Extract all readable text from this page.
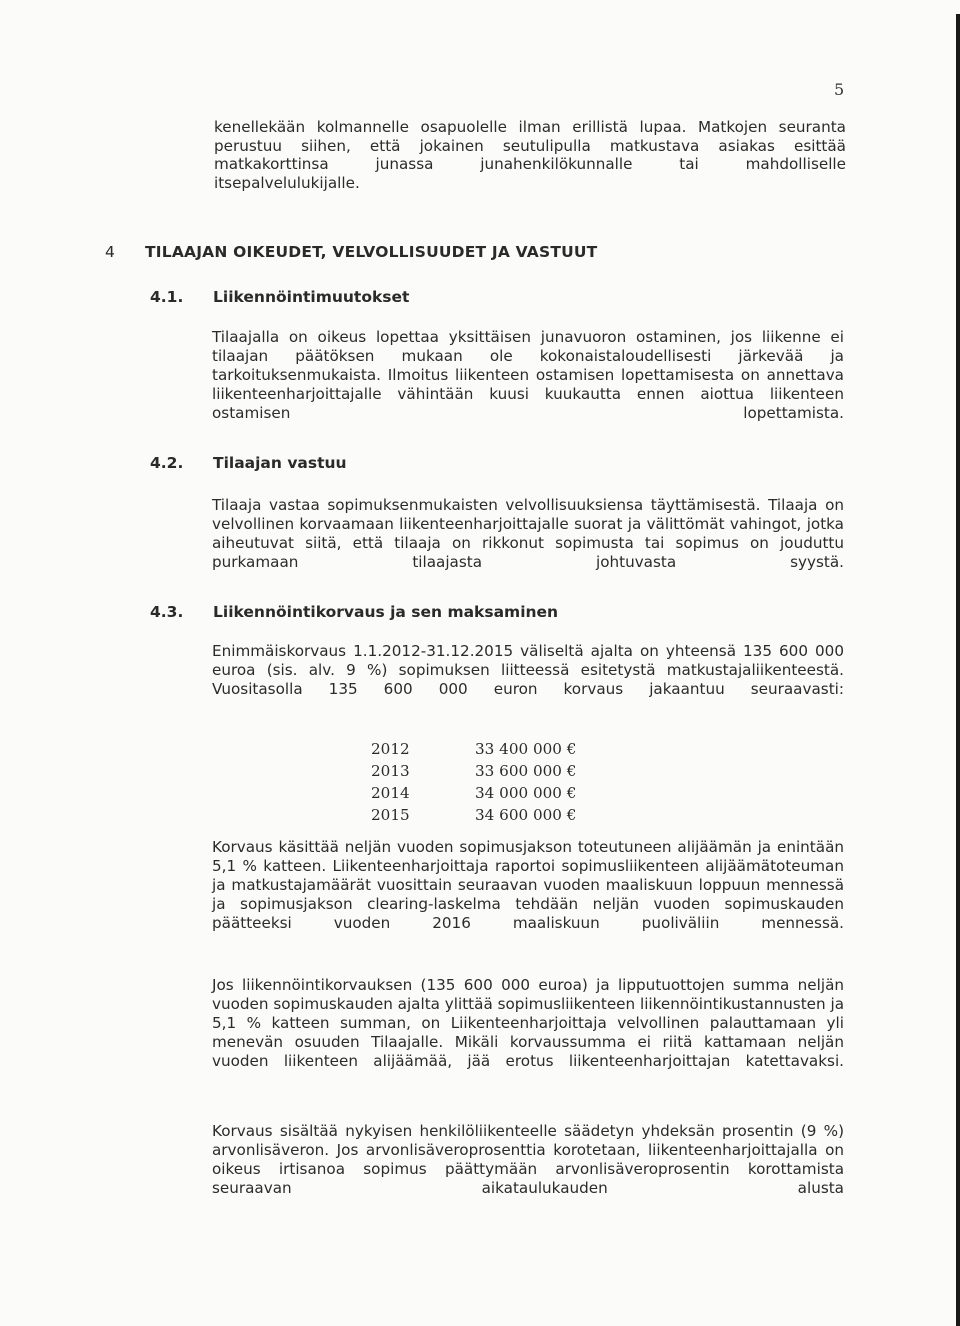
5
kenellekään kolmannelle osapuolelle ilman erillistä lupaa. Matkojen seuranta
perustuu siihen, että jokainen seutulipulla matkustava asiakas esittää
matkakorttinsa junassa junahenkilökunnalle tai mahdolliselle
itsepalvelulukijalle.
4 TILAAJAN OIKEUDET, VELVOLLISUUDET JA VASTUUT
4.1. Liikennöintimuutokset
Tilaajalla on oikeus lopettaa yksittäisen junavuoron ostaminen, jos liikenne ei tilaajan päätöksen mukaan ole kokonaistaloudellisesti järkevää ja tarkoituksenmukaista. Ilmoitus liikenteen ostamisen lopettamisesta on annettava liikenteenharjoittajalle vähintään kuusi kuukautta ennen aiottua liikenteen ostamisen lopettamista.
4.2. Tilaajan vastuu
Tilaaja vastaa sopimuksenmukaisten velvollisuuksiensa täyttämisestä. Tilaaja on velvollinen korvaamaan liikenteenharjoittajalle suorat ja välittömät vahingot, jotka aiheutuvat siitä, että tilaaja on rikkonut sopimusta tai sopimus on jouduttu purkamaan tilaajasta johtuvasta syystä.
4.3. Liikennöintikorvaus ja sen maksaminen
Enimmäiskorvaus 1.1.2012-31.12.2015 väliseltä ajalta on yhteensä 135 600 000 euroa (sis. alv. 9 %) sopimuksen liitteessä esitetystä matkustajaliikenteestä. Vuositasolla 135 600 000 euron korvaus jakaantuu seuraavasti:
2012	33 400 000 €
2013	33 600 000 €
2014	34 000 000 €
2015	34 600 000 €
Korvaus käsittää neljän vuoden sopimusjakson toteutuneen alijäämän ja enintään 5,1 % katteen. Liikenteenharjoittaja raportoi sopimusliikenteen alijäämätoteuman ja matkustajamäärät vuosittain seuraavan vuoden maaliskuun loppuun mennessä ja sopimusjakson clearing-laskelma tehdään neljän vuoden sopimuskauden päätteeksi vuoden 2016 maaliskuun puoliväliin mennessä.
Jos liikennöintikorvauksen (135 600 000 euroa) ja lipputuottojen summa neljän vuoden sopimuskauden ajalta ylittää sopimusliikenteen liikennöintikustannusten ja 5,1 % katteen summan, on Liikenteenharjoittaja velvollinen palauttamaan yli menevän osuuden Tilaajalle. Mikäli korvaussumma ei riitä kattamaan neljän vuoden liikenteen alijäämää, jää erotus liikenteenharjoittajan katettavaksi.
Korvaus sisältää nykyisen henkilöliikenteelle säädetyn yhdeksän prosentin (9 %) arvonlisäveron. Jos arvonlisäveroprosenttia korotetaan, liikenteenharjoittajalla on oikeus irtisanoa sopimus päättymään arvonlisäveroprosentin korottamista seuraavan aikataulukauden alusta
